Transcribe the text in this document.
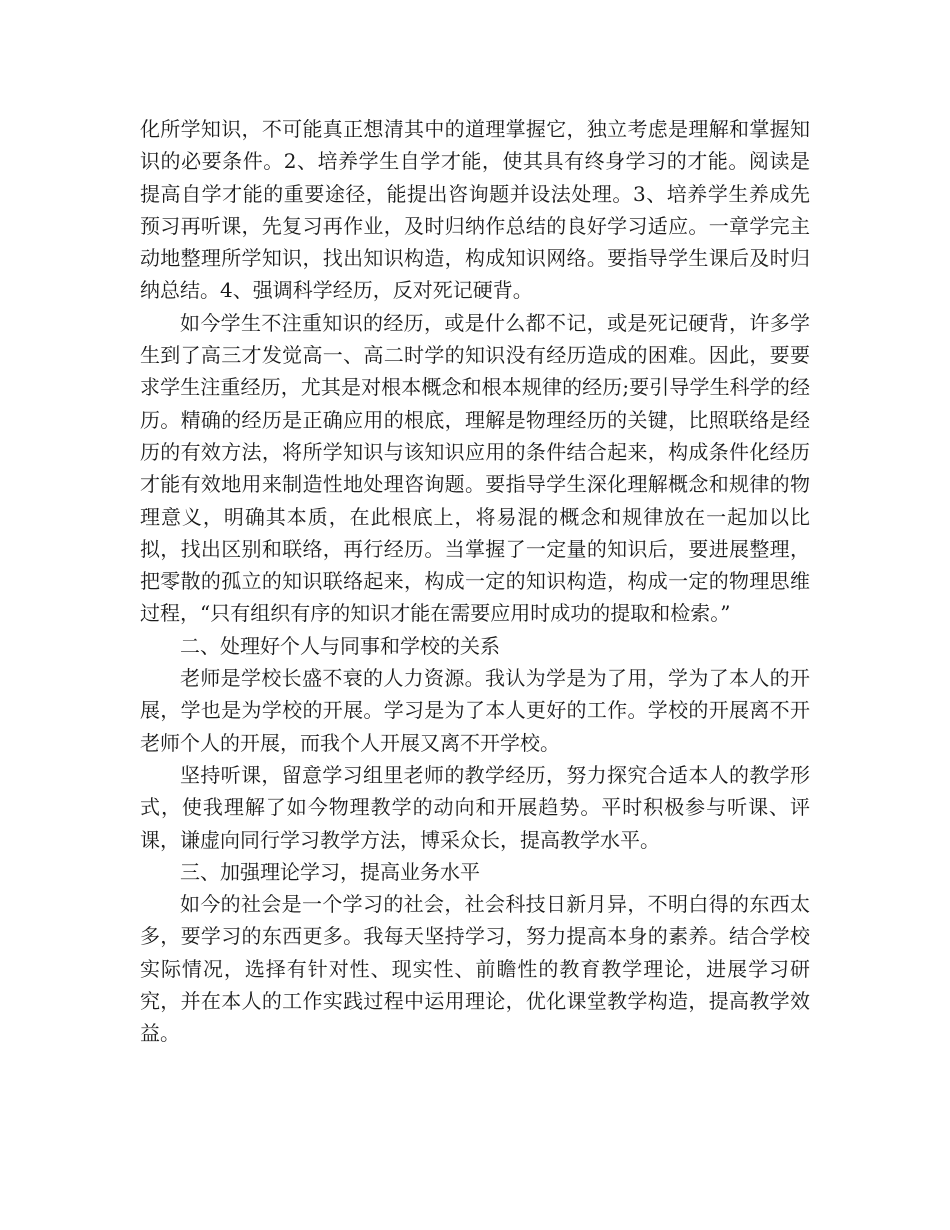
化所学知识，不可能真正想清其中的道理掌握它，独立考虑是理解和掌握知识的必要条件。2、培养学生自学才能，使其具有终身学习的才能。阅读是提高自学才能的重要途径，能提出咨询题并设法处理。3、培养学生养成先预习再听课，先复习再作业，及时归纳作总结的良好学习适应。一章学完主动地整理所学知识，找出知识构造，构成知识网络。要指导学生课后及时归纳总结。4、强调科学经历，反对死记硬背。

如今学生不注重知识的经历，或是什么都不记，或是死记硬背，许多学生到了高三才发觉高一、高二时学的知识没有经历造成的困难。因此，要要求学生注重经历，尤其是对根本概念和根本规律的经历;要引导学生科学的经历。精确的经历是正确应用的根底，理解是物理经历的关键，比照联络是经历的有效方法，将所学知识与该知识应用的条件结合起来，构成条件化经历才能有效地用来制造性地处理咨询题。要指导学生深化理解概念和规律的物理意义，明确其本质，在此根底上，将易混的概念和规律放在一起加以比拟，找出区别和联络，再行经历。当掌握了一定量的知识后，要进展整理，把零散的孤立的知识联络起来，构成一定的知识构造，构成一定的物理思维过程，“只有组织有序的知识才能在需要应用时成功的提取和检索。”

二、处理好个人与同事和学校的关系

老师是学校长盛不衰的人力资源。我认为学是为了用，学为了本人的开展，学也是为学校的开展。学习是为了本人更好的工作。学校的开展离不开老师个人的开展，而我个人开展又离不开学校。

坚持听课，留意学习组里老师的教学经历，努力探究合适本人的教学形式，使我理解了如今物理教学的动向和开展趋势。平时积极参与听课、评课，谦虚向同行学习教学方法，博采众长，提高教学水平。

三、加强理论学习，提高业务水平

如今的社会是一个学习的社会，社会科技日新月异，不明白得的东西太多，要学习的东西更多。我每天坚持学习，努力提高本身的素养。结合学校实际情况，选择有针对性、现实性、前瞻性的教育教学理论，进展学习研究，并在本人的工作实践过程中运用理论，优化课堂教学构造，提高教学效益。
